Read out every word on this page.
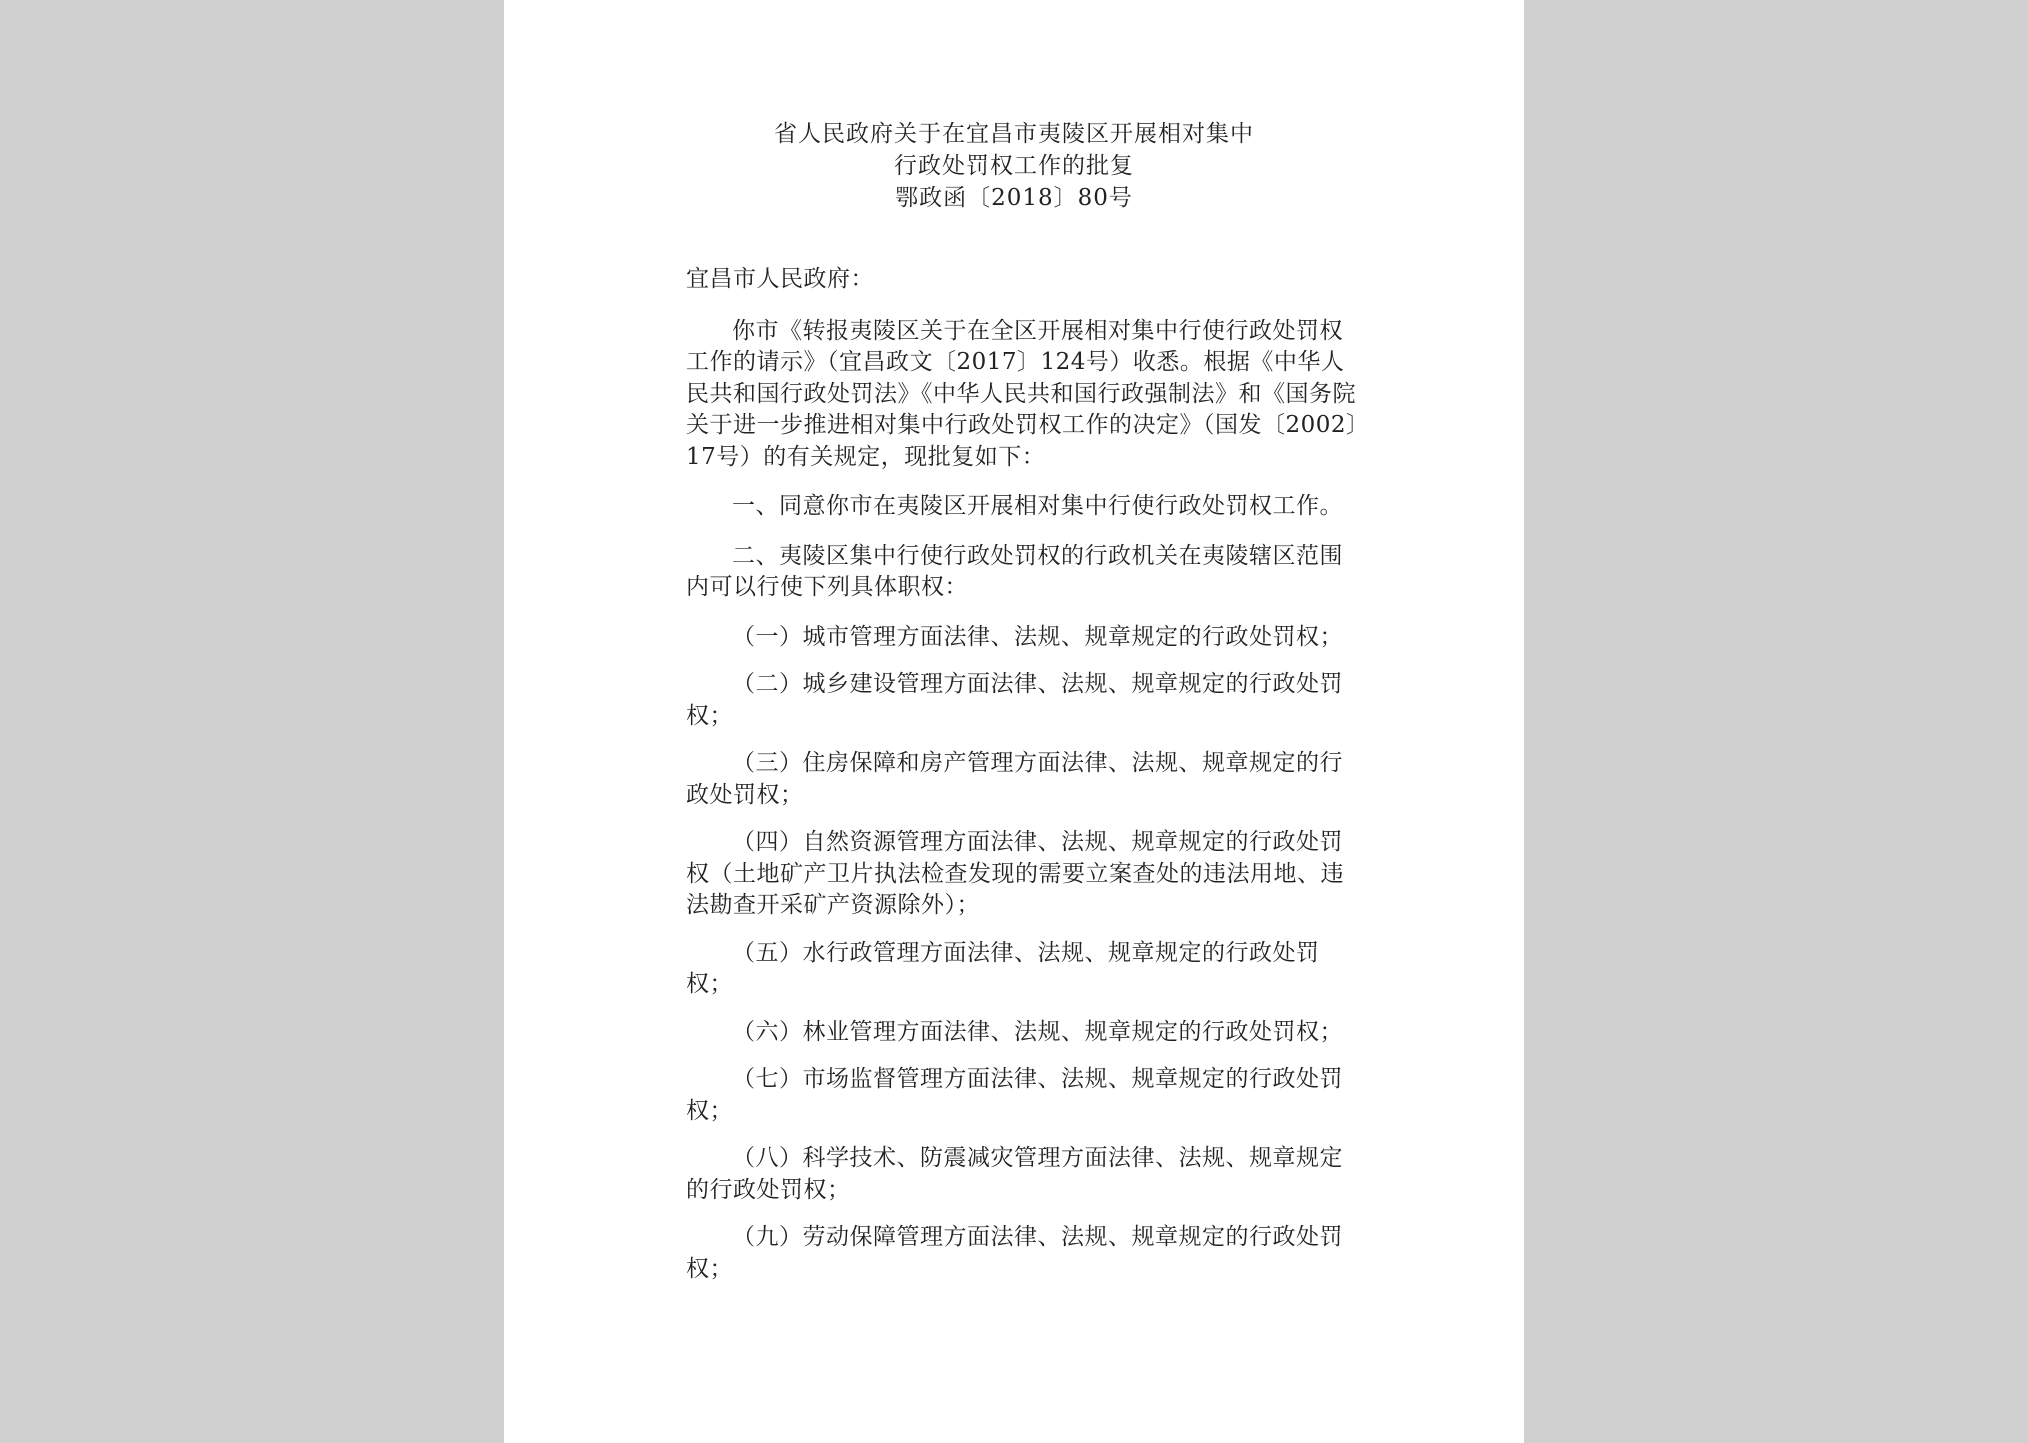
省人民政府关于在宜昌市夷陵区开展相对集中
行政处罚权工作的批复
鄂政函〔2018〕80号
宜昌市人民政府：

你市《转报夷陵区关于在全区开展相对集中行使行政处罚权工作的请示》（宜昌政文〔2017〕124号）收悉。根据《中华人民共和国行政处罚法》《中华人民共和国行政强制法》和《国务院关于进一步推进相对集中行政处罚权工作的决定》（国发〔2002〕17号）的有关规定，现批复如下：

一、同意你市在夷陵区开展相对集中行使行政处罚权工作。

二、夷陵区集中行使行政处罚权的行政机关在夷陵辖区范围内可以行使下列具体职权：

（一）城市管理方面法律、法规、规章规定的行政处罚权；

（二）城乡建设管理方面法律、法规、规章规定的行政处罚权；

（三）住房保障和房产管理方面法律、法规、规章规定的行政处罚权；

（四）自然资源管理方面法律、法规、规章规定的行政处罚权（土地矿产卫片执法检查发现的需要立案查处的违法用地、违法勘查开采矿产资源除外）；

（五）水行政管理方面法律、法规、规章规定的行政处罚权；

（六）林业管理方面法律、法规、规章规定的行政处罚权；

（七）市场监督管理方面法律、法规、规章规定的行政处罚权；

（八）科学技术、防震减灾管理方面法律、法规、规章规定的行政处罚权；

（九）劳动保障管理方面法律、法规、规章规定的行政处罚权；
